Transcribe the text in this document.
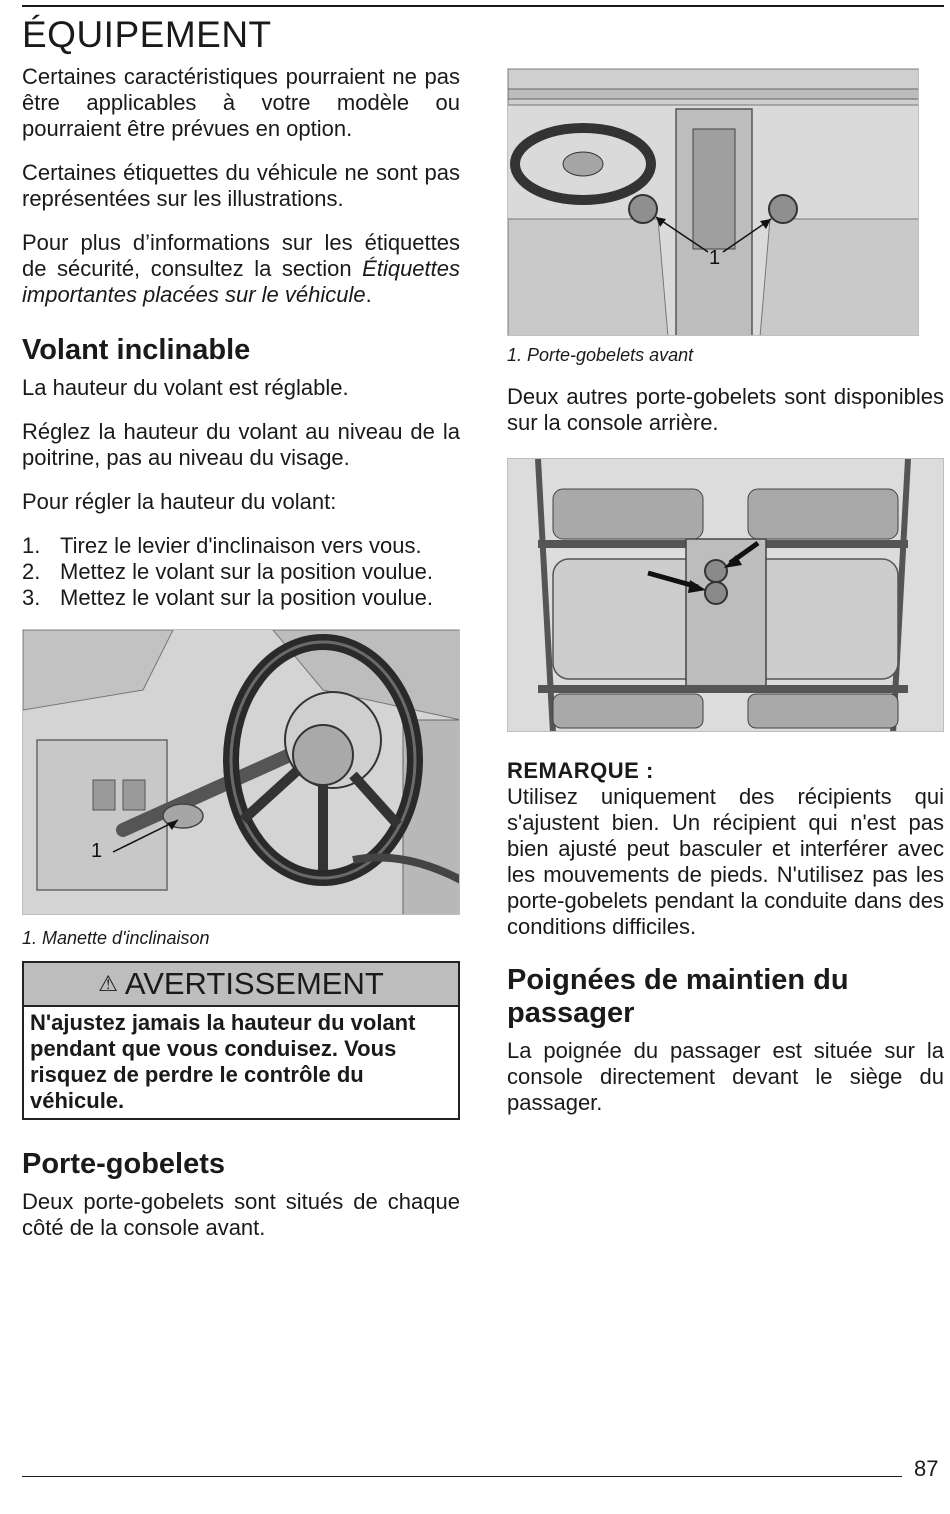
ÉQUIPEMENT

Certaines caractéristiques pourraient ne pas être applicables à votre modèle ou pourraient être prévues en option.

Certaines étiquettes du véhicule ne sont pas représentées sur les illustrations.

Pour plus d’informations sur les étiquettes de sécurité, consultez la section Étiquettes importantes placées sur le véhicule.

Volant inclinable

La hauteur du volant est réglable.

Réglez la hauteur du volant au niveau de la poitrine, pas au niveau du visage.

Pour régler la hauteur du volant:

1. Tirez le levier d'inclinaison vers vous.
2. Mettez le volant sur la position voulue.
3. Mettez le volant sur la position voulue.
1
1. Manette d'inclinaison
⚠ AVERTISSEMENT
N'ajustez jamais la hauteur du volant pendant que vous conduisez. Vous risquez de perdre le contrôle du véhicule.
Porte-gobelets

Deux porte-gobelets sont situés de chaque côté de la console avant.

1
1. Porte-gobelets avant

Deux autres porte-gobelets sont disponibles sur la console arrière.

REMARQUE :

Utilisez uniquement des récipients qui s'ajustent bien. Un récipient qui n'est pas bien ajusté peut basculer et interférer avec les mouvements de pieds. N'utilisez pas les porte-gobelets pendant la conduite dans des conditions difficiles.

Poignées de maintien du passager

La poignée du passager est située sur la console directement devant le siège du passager.

87
